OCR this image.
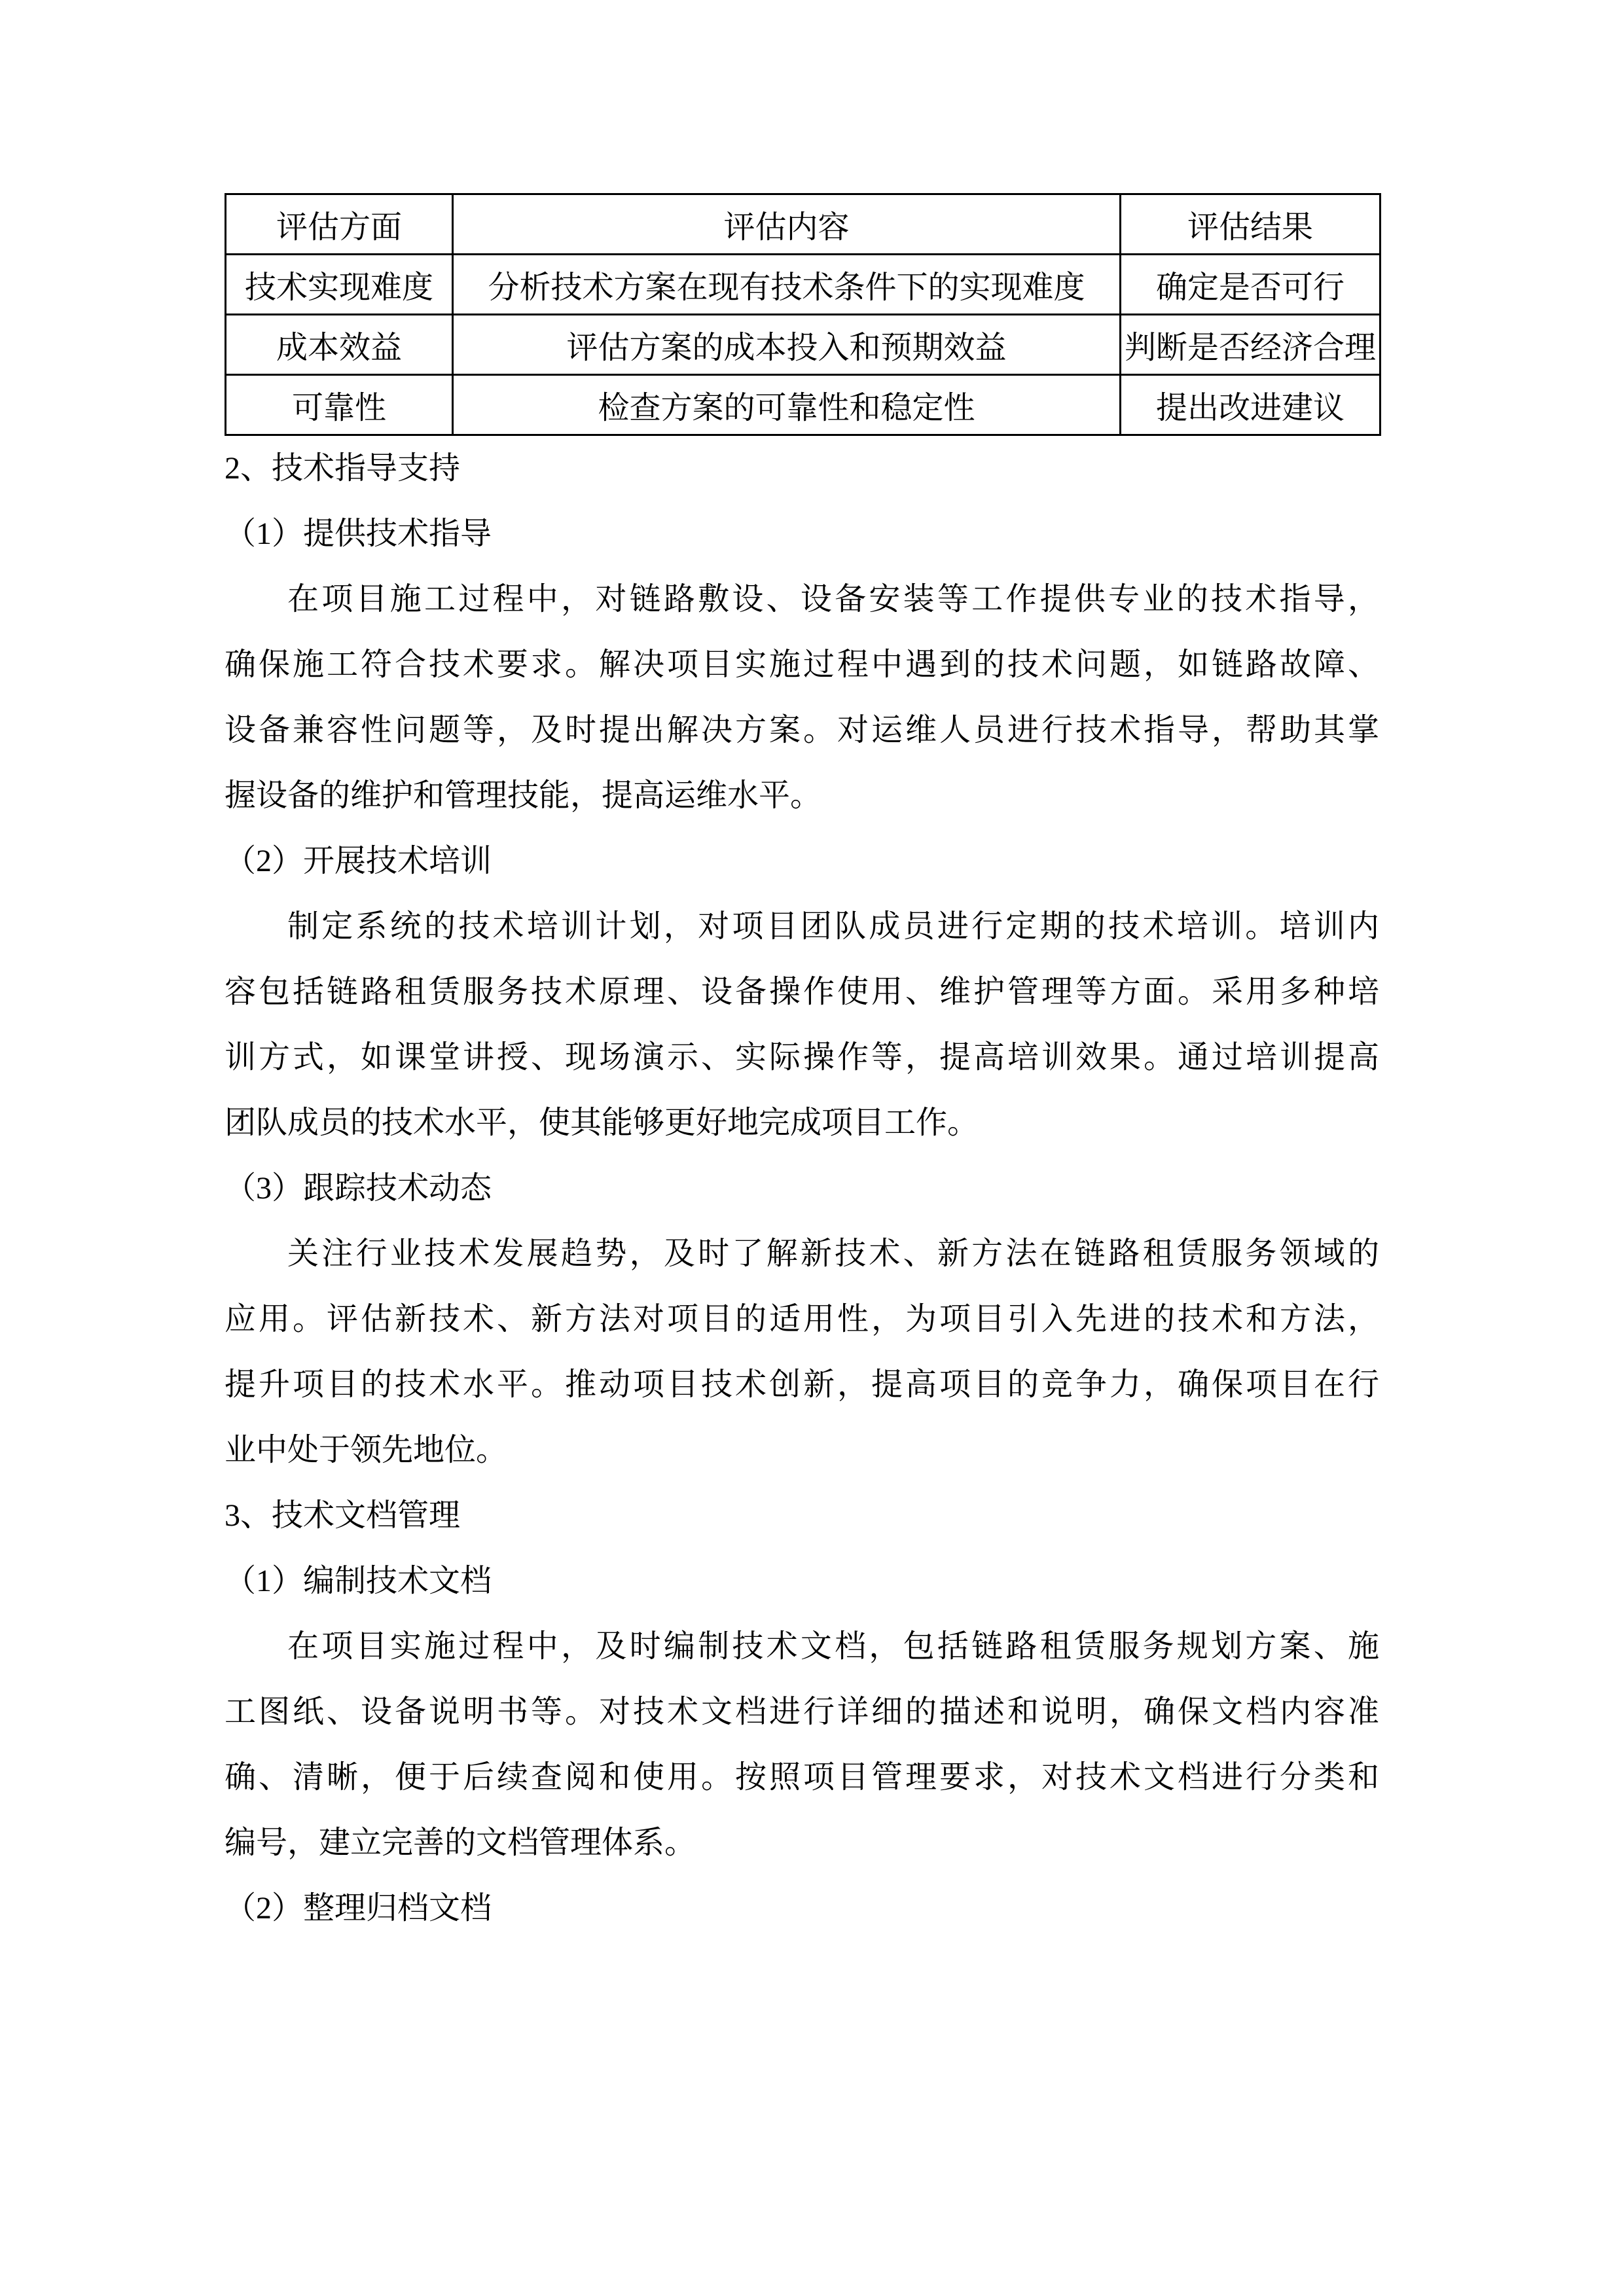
评估方面	评估内容	评估结果
技术实现难度	分析技术方案在现有技术条件下的实现难度	确定是否可行
成本效益	评估方案的成本投入和预期效益	判断是否经济合理
可靠性	检查方案的可靠性和稳定性	提出改进建议
2、技术指导支持
（1）提供技术指导
在项目施工过程中，对链路敷设、设备安装等工作提供专业的技术指导，
确保施工符合技术要求。解决项目实施过程中遇到的技术问题，如链路故障、
设备兼容性问题等，及时提出解决方案。对运维人员进行技术指导，帮助其掌
握设备的维护和管理技能，提高运维水平。
（2）开展技术培训
制定系统的技术培训计划，对项目团队成员进行定期的技术培训。培训内
容包括链路租赁服务技术原理、设备操作使用、维护管理等方面。采用多种培
训方式，如课堂讲授、现场演示、实际操作等，提高培训效果。通过培训提高
团队成员的技术水平，使其能够更好地完成项目工作。
（3）跟踪技术动态
关注行业技术发展趋势，及时了解新技术、新方法在链路租赁服务领域的
应用。评估新技术、新方法对项目的适用性，为项目引入先进的技术和方法，
提升项目的技术水平。推动项目技术创新，提高项目的竞争力，确保项目在行
业中处于领先地位。
3、技术文档管理
（1）编制技术文档
在项目实施过程中，及时编制技术文档，包括链路租赁服务规划方案、施
工图纸、设备说明书等。对技术文档进行详细的描述和说明，确保文档内容准
确、清晰，便于后续查阅和使用。按照项目管理要求，对技术文档进行分类和
编号，建立完善的文档管理体系。
（2）整理归档文档
